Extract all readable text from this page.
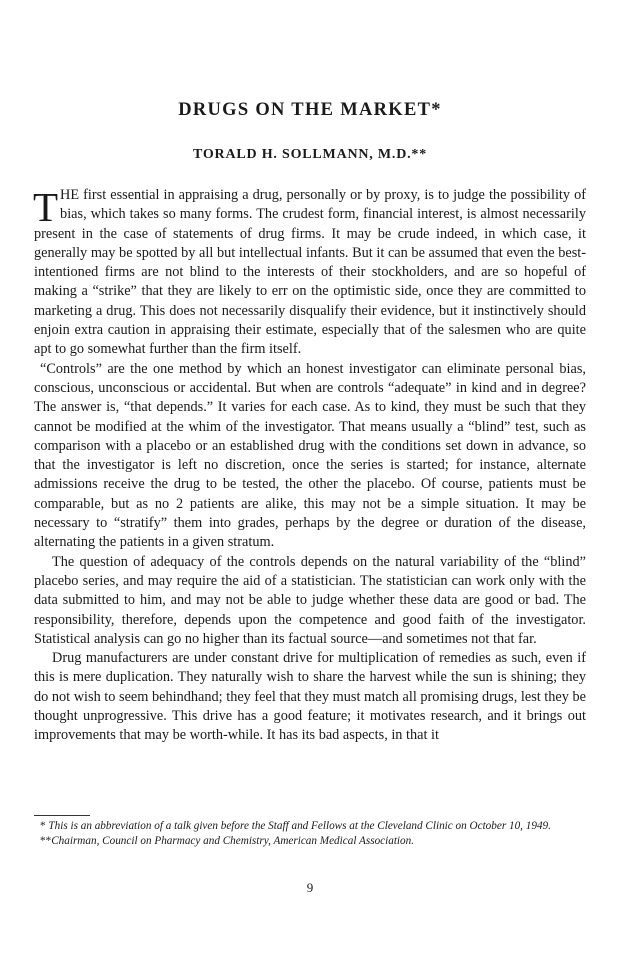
DRUGS ON THE MARKET*
TORALD H. SOLLMANN, M.D.**

THE first essential in appraising a drug, personally or by proxy, is to judge the possibility of bias, which takes so many forms. The crudest form, financial interest, is almost necessarily present in the case of statements of drug firms. It may be crude indeed, in which case, it generally may be spotted by all but intellectual infants. But it can be assumed that even the best-intentioned firms are not blind to the interests of their stockholders, and are so hopeful of making a “strike” that they are likely to err on the optimistic side, once they are committed to marketing a drug. This does not necessarily disqualify their evidence, but it instinctively should enjoin extra caution in appraising their estimate, especially that of the salesmen who are quite apt to go somewhat further than the firm itself.

“Controls” are the one method by which an honest investigator can eliminate personal bias, conscious, unconscious or accidental. But when are controls “adequate” in kind and in degree? The answer is, “that depends.” It varies for each case. As to kind, they must be such that they cannot be modified at the whim of the investigator. That means usually a “blind” test, such as comparison with a placebo or an established drug with the conditions set down in advance, so that the investigator is left no discretion, once the series is started; for instance, alternate admissions receive the drug to be tested, the other the placebo. Of course, patients must be comparable, but as no 2 patients are alike, this may not be a simple situation. It may be necessary to “stratify” them into grades, perhaps by the degree or duration of the disease, alternating the patients in a given stratum.

The question of adequacy of the controls depends on the natural variability of the “blind” placebo series, and may require the aid of a statistician. The statistician can work only with the data submitted to him, and may not be able to judge whether these data are good or bad. The responsibility, therefore, depends upon the competence and good faith of the investigator. Statistical analysis can go no higher than its factual source—and sometimes not that far.

Drug manufacturers are under constant drive for multiplication of remedies as such, even if this is mere duplication. They naturally wish to share the harvest while the sun is shining; they do not wish to seem behindhand; they feel that they must match all promising drugs, lest they be thought unprogressive. This drive has a good feature; it motivates research, and it brings out improvements that may be worth-while. It has its bad aspects, in that it

* This is an abbreviation of a talk given before the Staff and Fellows at the Cleveland Clinic on October 10, 1949.

**Chairman, Council on Pharmacy and Chemistry, American Medical Association.

9
